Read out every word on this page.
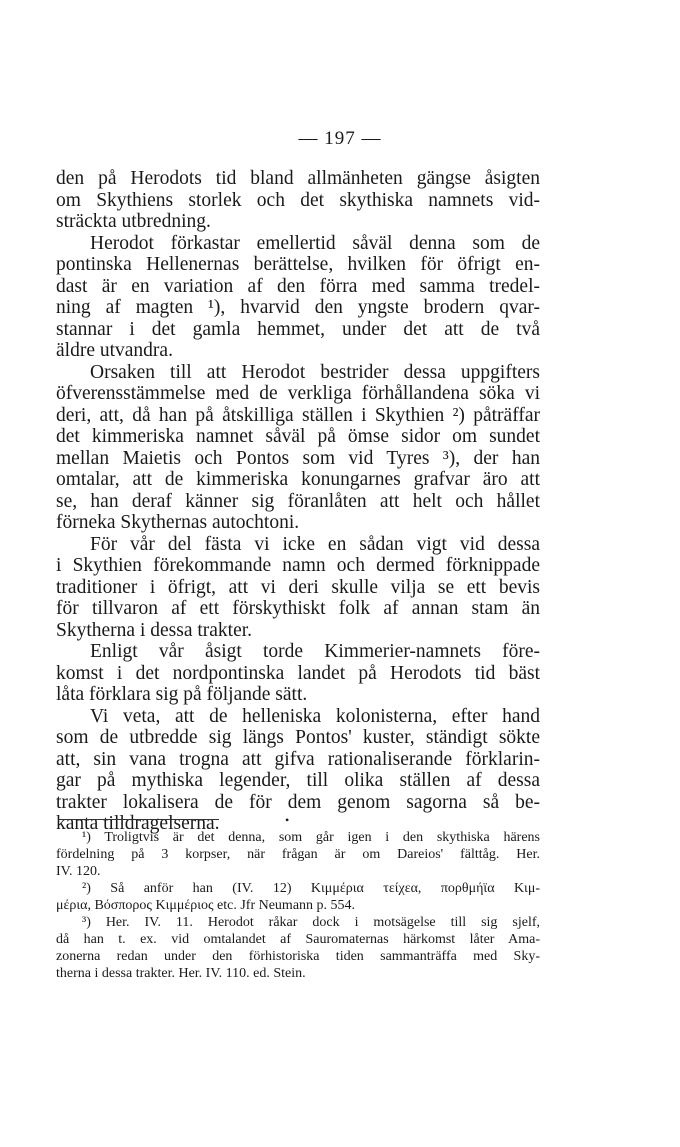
— 197 —
den på Herodots tid bland allmänheten gängse åsigten
om Skythiens storlek och det skythiska namnets vid-
sträckta utbredning.
Herodot förkastar emellertid såväl denna som de
pontinska Hellenernas berättelse, hvilken för öfrigt en-
dast är en variation af den förra med samma tredel-
ning af magten ¹), hvarvid den yngste brodern qvar-
stannar i det gamla hemmet, under det att de två
äldre utvandra.
Orsaken till att Herodot bestrider dessa uppgifters
öfverensstämmelse med de verkliga förhållandena söka vi
deri, att, då han på åtskilliga ställen i Skythien ²) påträffar
det kimmeriska namnet såväl på ömse sidor om sundet
mellan Maietis och Pontos som vid Tyres ³), der han
omtalar, att de kimmeriska konungarnes grafvar äro att
se, han deraf känner sig föranlåten att helt och hållet
förneka Skythernas autochtoni.
För vår del fästa vi icke en sådan vigt vid dessa
i Skythien förekommande namn och dermed förknippade
traditioner i öfrigt, att vi deri skulle vilja se ett bevis
för tillvaron af ett förskythiskt folk af annan stam än
Skytherna i dessa trakter.
Enligt vår åsigt torde Kimmerier-namnets före-
komst i det nordpontinska landet på Herodots tid bäst
låta förklara sig på följande sätt.
Vi veta, att de helleniska kolonisterna, efter hand
som de utbredde sig längs Pontos' kuster, ständigt sökte
att, sin vana trogna att gifva rationaliserande förklarin-
gar på mythiska legender, till olika ställen af dessa
trakter lokalisera de för dem genom sagorna så be-
kanta tilldragelserna.	•
¹) Troligtvis är det denna, som går igen i den skythiska härens
fördelning på 3 korpser, när frågan är om Dareios' fälttåg. Her.
IV. 120.
²) Så anför han (IV. 12) Κιμμέρια τείχεα, πορθμήϊα Κιμ-
μέρια, Βόσπορος Κιμμέριος etc. Jfr Neumann p. 554.
³) Her. IV. 11. Herodot råkar dock i motsägelse till sig sjelf,
då han t. ex. vid omtalandet af Sauromaternas härkomst låter Ama-
zonerna redan under den förhistoriska tiden sammanträffa med Sky-
therna i dessa trakter. Her. IV. 110. ed. Stein.
